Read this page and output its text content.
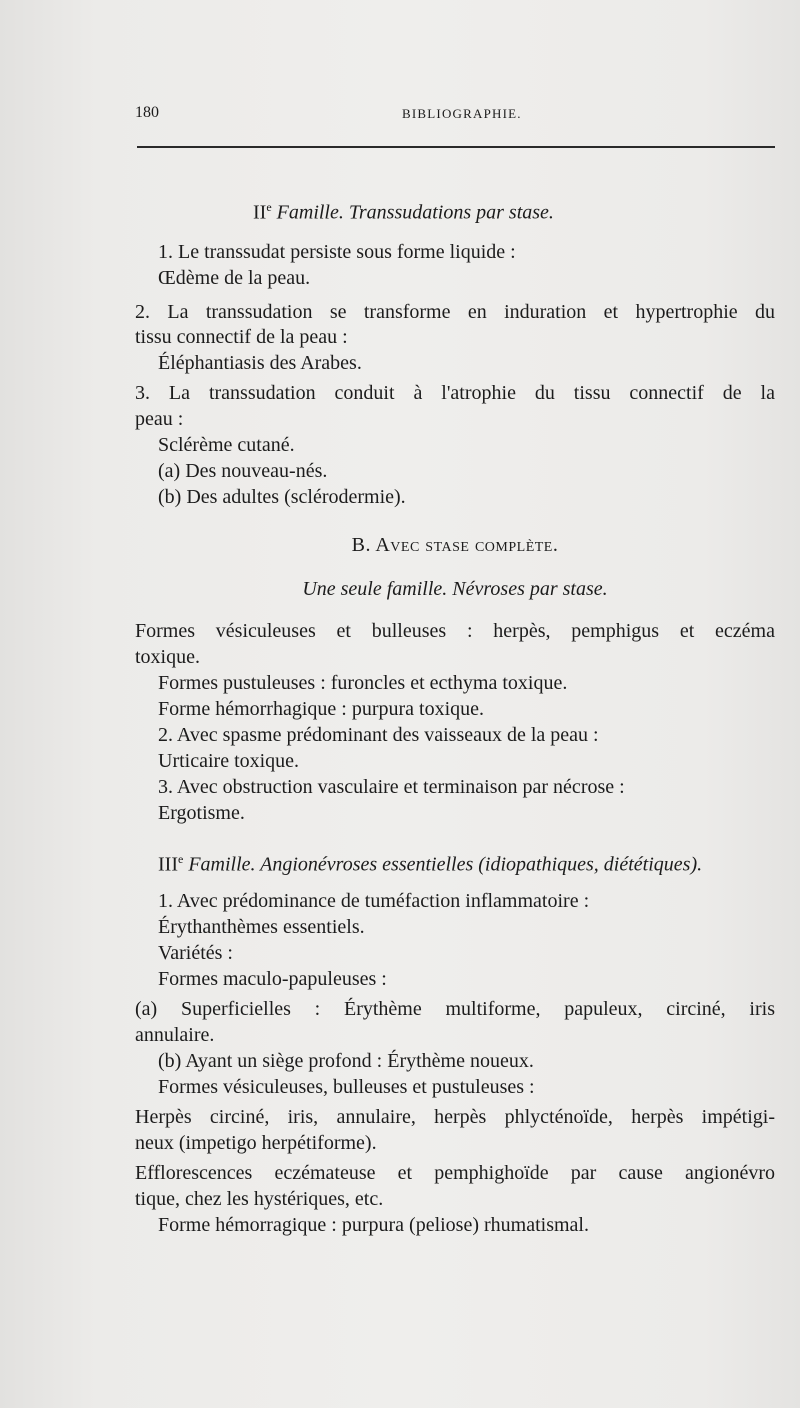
180	BIBLIOGRAPHIE.
IIe Famille. Transsudations par stase.
1. Le transsudat persiste sous forme liquide :
Œdème de la peau.
2. La transsudation se transforme en induration et hypertrophie du
tissu connectif de la peau :
Éléphantiasis des Arabes.
3. La transsudation conduit à l'atrophie du tissu connectif de la
peau :
Sclérème cutané.
(a) Des nouveau-nés.
(b) Des adultes (sclérodermie).
B. Avec stase complète.
Une seule famille. Névroses par stase.
Formes vésiculeuses et bulleuses : herpès, pemphigus et eczéma
toxique.
Formes pustuleuses : furoncles et ecthyma toxique.
Forme hémorrhagique : purpura toxique.
2. Avec spasme prédominant des vaisseaux de la peau :
Urticaire toxique.
3. Avec obstruction vasculaire et terminaison par nécrose :
Ergotisme.
IIIe Famille. Angionévroses essentielles (idiopathiques, diététiques).
1. Avec prédominance de tuméfaction inflammatoire :
Érythanthèmes essentiels.
Variétés :
Formes maculo-papuleuses :
(a) Superficielles : Érythème multiforme, papuleux, circiné, iris
annulaire.
(b) Ayant un siège profond : Érythème noueux.
Formes vésiculeuses, bulleuses et pustuleuses :
Herpès circiné, iris, annulaire, herpès phlycténoïde, herpès impétigi-
neux (impetigo herpétiforme).
Efflorescences eczémateuse et pemphighoïde par cause angionévro
tique, chez les hystériques, etc.
Forme hémorragique : purpura (peliose) rhumatismal.
